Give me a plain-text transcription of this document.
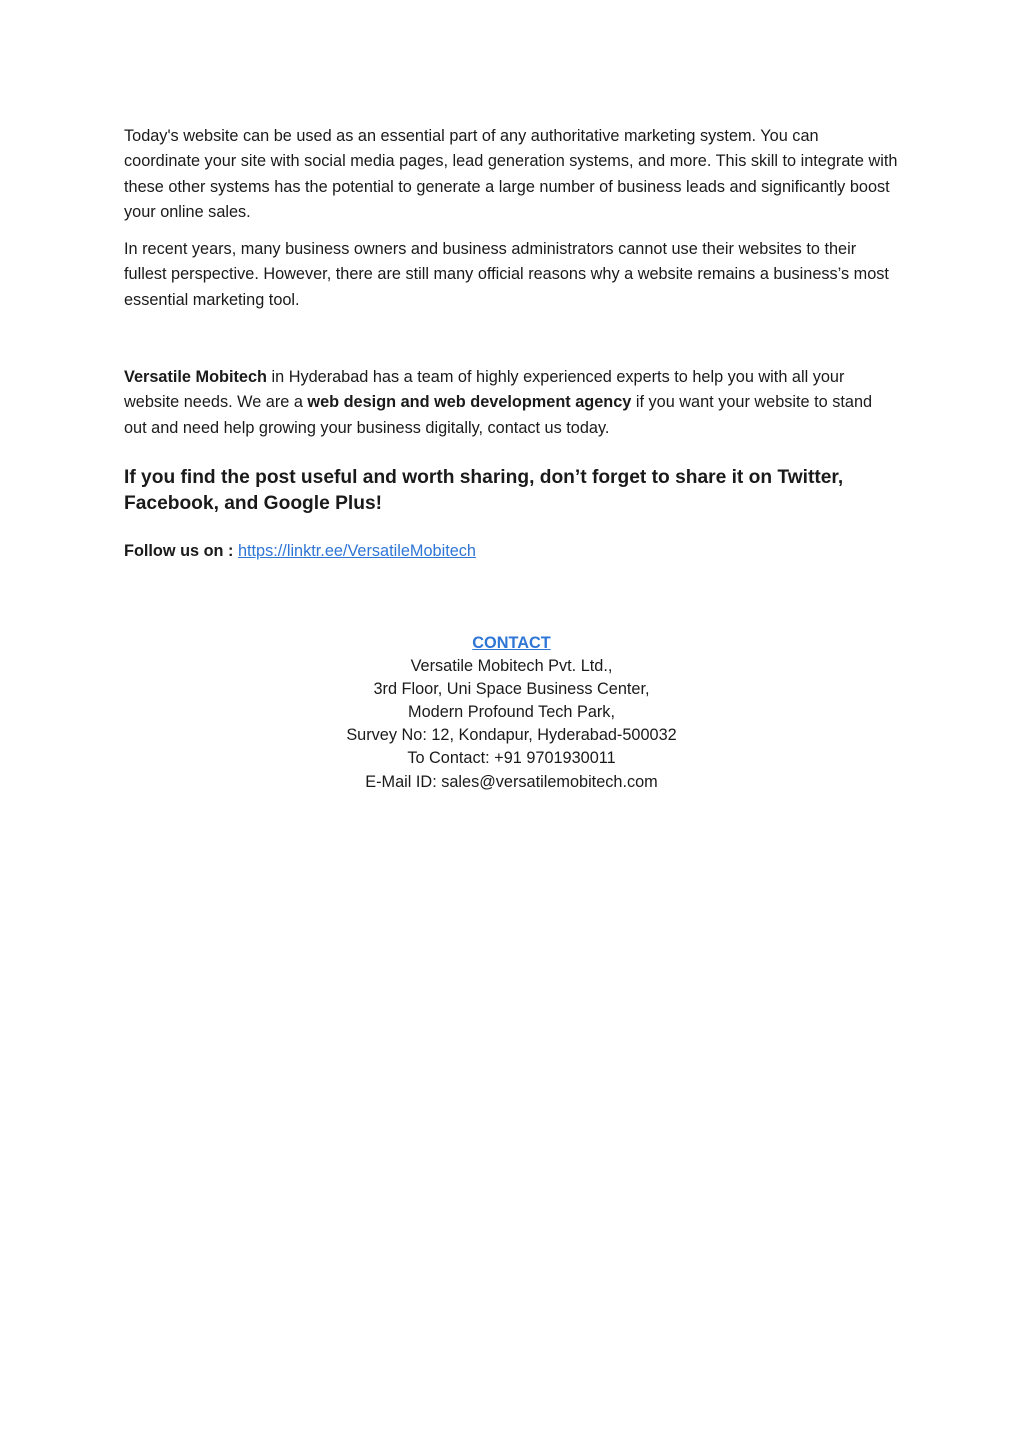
Today's website can be used as an essential part of any authoritative marketing system. You can coordinate your site with social media pages, lead generation systems, and more. This skill to integrate with these other systems has the potential to generate a large number of business leads and significantly boost your online sales.

In recent years, many business owners and business administrators cannot use their websites to their fullest perspective. However, there are still many official reasons why a website remains a business’s most essential marketing tool.

Versatile Mobitech in Hyderabad has a team of highly experienced experts to help you with all your website needs. We are a web design and web development agency if you want your website to stand out and need help growing your business digitally, contact us today.

If you find the post useful and worth sharing, don’t forget to share it on Twitter, Facebook, and Google Plus!

Follow us on : https://linktr.ee/VersatileMobitech

CONTACT
Versatile Mobitech Pvt. Ltd.,
3rd Floor, Uni Space Business Center,
Modern Profound Tech Park,
Survey No: 12, Kondapur, Hyderabad-500032
To Contact: +91 9701930011
E-Mail ID: sales@versatilemobitech.com
